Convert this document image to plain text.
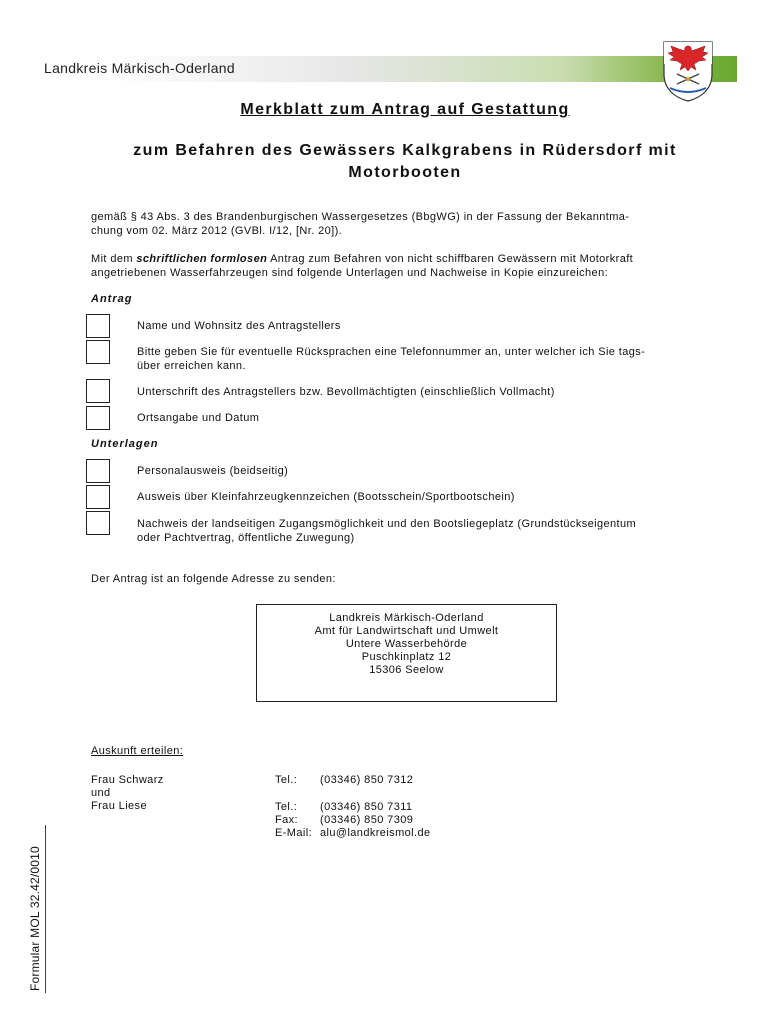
Landkreis Märkisch-Oderland
Merkblatt zum Antrag auf Gestattung
zum Befahren des Gewässers Kalkgrabens in Rüdersdorf mit
Motorbooten
gemäß § 43 Abs. 3 des Brandenburgischen Wassergesetzes (BbgWG) in der Fassung der Bekanntma-
chung vom 02. März 2012 (GVBl. I/12, [Nr. 20]).
Mit dem schriftlichen formlosen Antrag zum Befahren von nicht schiffbaren Gewässern mit Motorkraft
angetriebenen Wasserfahrzeugen sind folgende Unterlagen und Nachweise in Kopie einzureichen:
Antrag
Name und Wohnsitz des Antragstellers
Bitte geben Sie für eventuelle Rücksprachen eine Telefonnummer an, unter welcher ich Sie tags-
über erreichen kann.
Unterschrift des Antragstellers bzw. Bevollmächtigten (einschließlich Vollmacht)
Ortsangabe und Datum
Unterlagen
Personalausweis (beidseitig)
Ausweis über Kleinfahrzeugkennzeichen (Bootsschein/Sportbootschein)
Nachweis der landseitigen Zugangsmöglichkeit und den Bootsliegeplatz (Grundstückseigentum
oder Pachtvertrag, öffentliche Zuwegung)
Der Antrag ist an folgende Adresse zu senden:
Landkreis Märkisch-Oderland
Amt für Landwirtschaft und Umwelt
Untere Wasserbehörde
Puschkinplatz 12
15306 Seelow
Auskunft erteilen:
Frau Schwarz
und
Frau Liese
Tel.: (03346) 850 7312
Tel.: (03346) 850 7311
Fax: (03346) 850 7309
E-Mail: alu@landkreismol.de
Formular MOL 32.42/0010
